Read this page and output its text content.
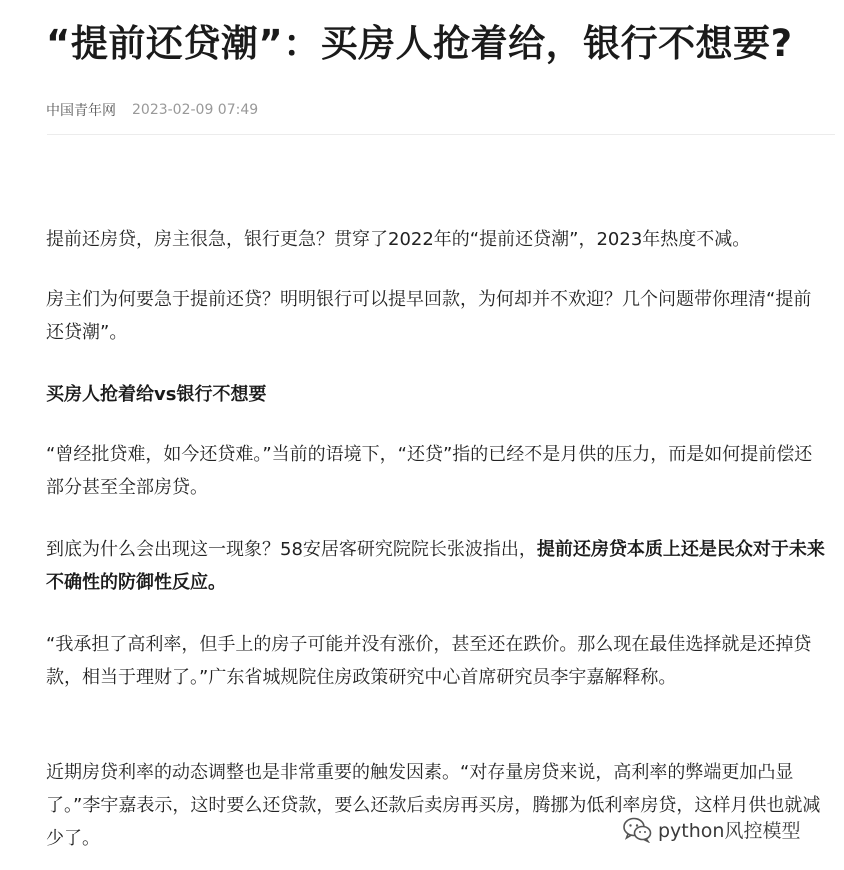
“提前还贷潮”：买房人抢着给，银行不想要?
中国青年网 2023-02-09 07:49

提前还房贷，房主很急，银行更急？贯穿了2022年的“提前还贷潮”，2023年热度不减。

房主们为何要急于提前还贷？明明银行可以提早回款，为何却并不欢迎？几个问题带你理清“提前还贷潮”。

买房人抢着给vs银行不想要

“曾经批贷难，如今还贷难。”当前的语境下，“还贷”指的已经不是月供的压力，而是如何提前偿还部分甚至全部房贷。

到底为什么会出现这一现象？58安居客研究院院长张波指出，提前还房贷本质上还是民众对于未来不确性的防御性反应。

“我承担了高利率，但手上的房子可能并没有涨价，甚至还在跌价。那么现在最佳选择就是还掉贷款，相当于理财了。”广东省城规院住房政策研究中心首席研究员李宇嘉解释称。

近期房贷利率的动态调整也是非常重要的触发因素。“对存量房贷来说，高利率的弊端更加凸显了。”李宇嘉表示，这时要么还贷款，要么还款后卖房再买房，腾挪为低利率房贷，这样月供也就减少了。	python风控模型
